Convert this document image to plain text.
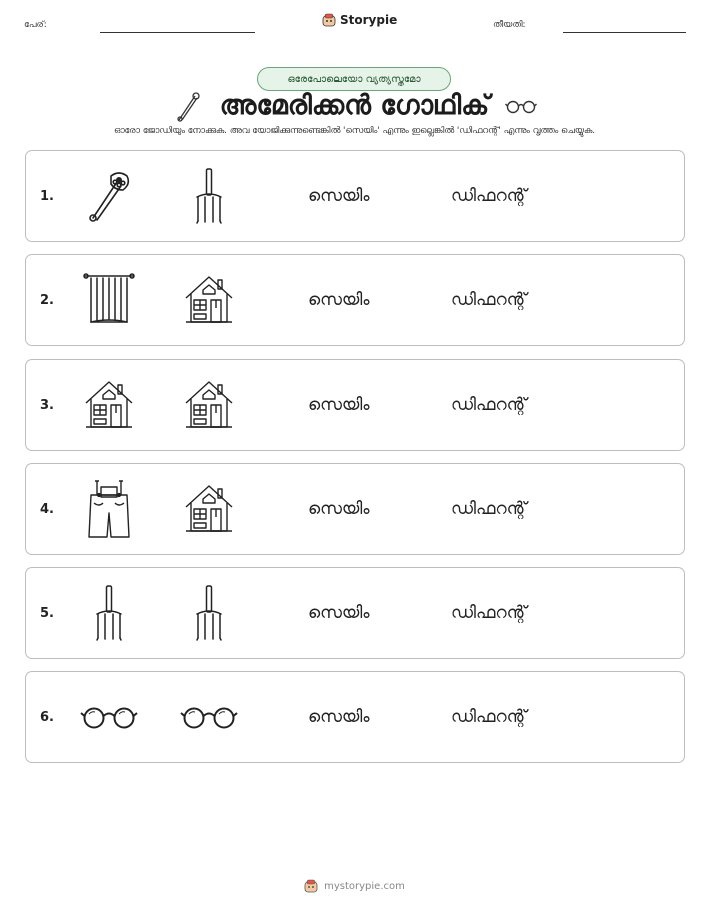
പേര്:	Storypie	തീയതി:
ഒരേപോലെയോ വ്യത്യസ്തമോ
അമേരിക്കൻ ഗോഥിക്
ഓരോ ജോഡിയും നോക്കുക. അവ യോജിക്കുന്നുണ്ടെങ്കിൽ 'സെയിം' എന്നും ഇല്ലെങ്കിൽ 'ഡിഫറന്റ്' എന്നും വൃത്തം ചെയ്യുക.
1.	സെയിം	ഡിഫറന്റ്
2.	സെയിം	ഡിഫറന്റ്
3.	സെയിം	ഡിഫറന്റ്
4.	സെയിം	ഡിഫറന്റ്
5.	സെയിം	ഡിഫറന്റ്
6.	സെയിം	ഡിഫറന്റ്
mystorypie.com
